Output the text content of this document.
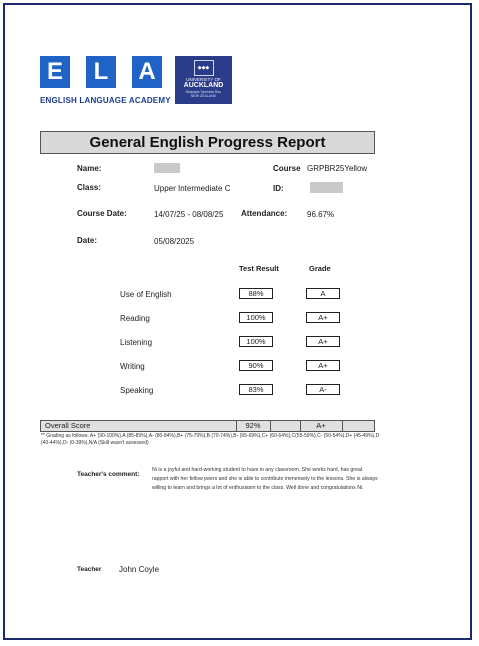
E	L	A
ENGLISH LANGUAGE ACADEMY
◆◆◆
UNIVERSITY OF
AUCKLAND
Waipapa Taumata Rau
NEW ZEALAND
General English Progress Report
Name:	Course GRPBR25Yellow
Class:	Upper Intermediate C	ID:
Course Date:	14/07/25 - 08/08/25 Attendance: 96.67%
Date:	05/08/2025
Test Result	Grade
Use of English	88%	A
Reading	100%	A+
Listening	100%	A+
Writing	90%	A+
Speaking	83%	A-
Overall Score	92%	A+
** Grading as follows: A+ (90-100%),A (85-89%),A- (80-84%),B+ (75-79%),B (70-74%),B- (65-69%),C+ (60-64%),C(55-59%),C- (50-54%),D+ (45-49%),D (40-44%),D- (0-39%),N/A (Skill wasn't assessed)
Teacher's comment:
Ni is a joyful and hard-working student to have in any classroom. She works hard, has great rapport with her fellow peers and she is able to contribute immensely to the lessons. She is always willing to learn and brings a lot of enthusiasm to the class. Well done and congratulations Ni.
Teacher John Coyle
